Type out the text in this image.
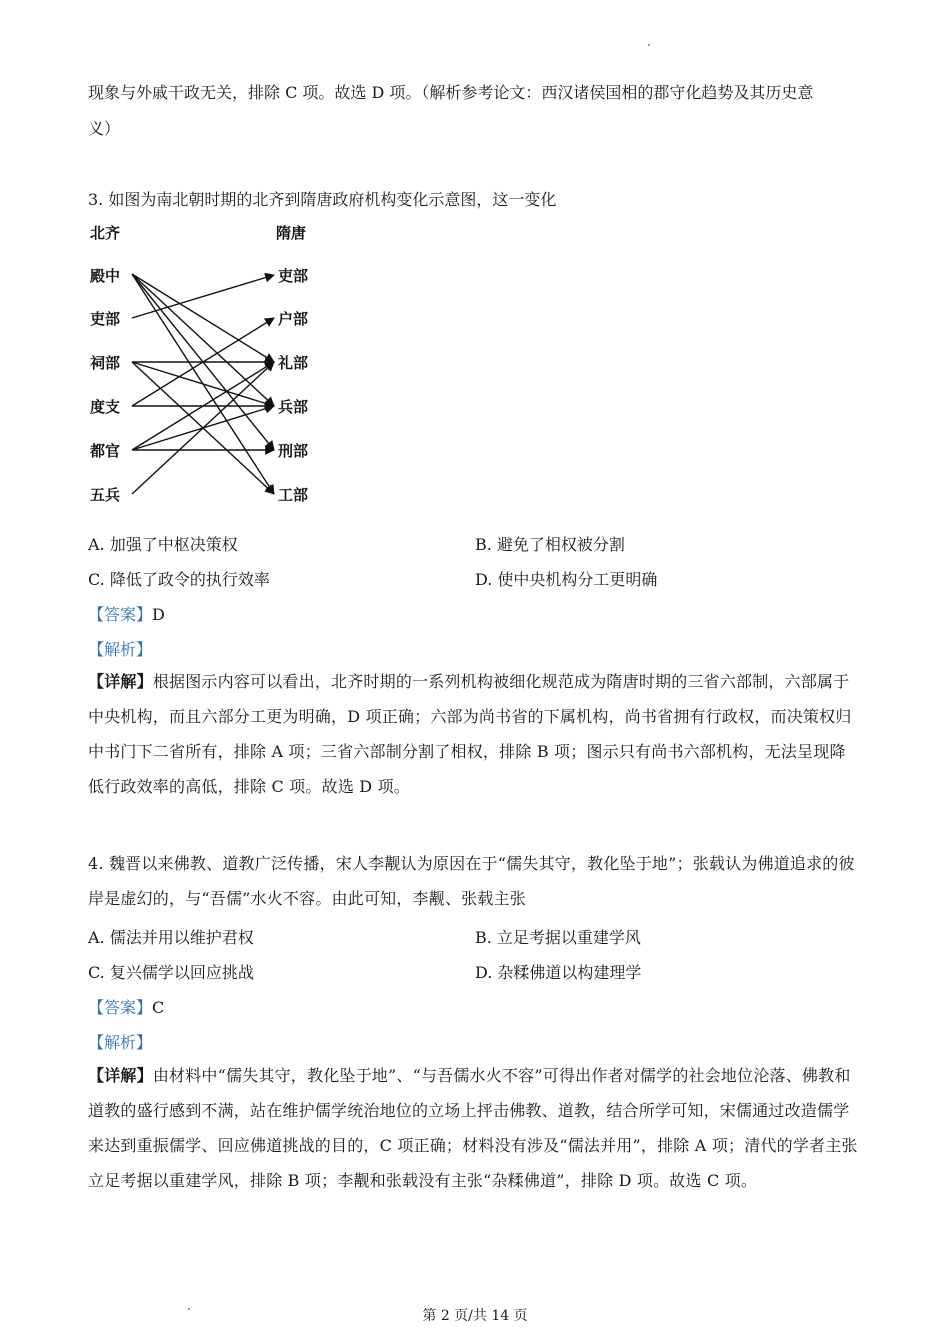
现象与外戚干政无关，排除 C 项。故选 D 项。（解析参考论文：西汉诸侯国相的郡守化趋势及其历史意
义）
3. 如图为南北朝时期的北齐到隋唐政府机构变化示意图，这一变化
北齐	隋唐
殿中
吏部
祠部
度支
都官
五兵
吏部
户部
礼部
兵部
刑部
工部
A. 加强了中枢决策权	B. 避免了相权被分割
C. 降低了政令的执行效率	D. 使中央机构分工更明确
【答案】D
【解析】
【详解】根据图示内容可以看出，北齐时期的一系列机构被细化规范成为隋唐时期的三省六部制，六部属于中央机构，而且六部分工更为明确，D 项正确；六部为尚书省的下属机构，尚书省拥有行政权，而决策权归中书门下二省所有，排除 A 项；三省六部制分割了相权，排除 B 项；图示只有尚书六部机构，无法呈现降低行政效率的高低，排除 C 项。故选 D 项。
4. 魏晋以来佛教、道教广泛传播，宋人李觏认为原因在于“儒失其守，教化坠于地”；张载认为佛道追求的彼岸是虚幻的，与“吾儒”水火不容。由此可知，李觏、张载主张
A. 儒法并用以维护君权	B. 立足考据以重建学风
C. 复兴儒学以回应挑战	D. 杂糅佛道以构建理学
【答案】C
【解析】
【详解】由材料中“儒失其守，教化坠于地”、“与吾儒水火不容”可得出作者对儒学的社会地位沦落、佛教和道教的盛行感到不满，站在维护儒学统治地位的立场上抨击佛教、道教，结合所学可知，宋儒通过改造儒学来达到重振儒学、回应佛道挑战的目的，C 项正确；材料没有涉及“儒法并用”，排除 A 项；清代的学者主张立足考据以重建学风，排除 B 项；李觏和张载没有主张“杂糅佛道”，排除 D 项。故选 C 项。
第 2 页/共 14 页
